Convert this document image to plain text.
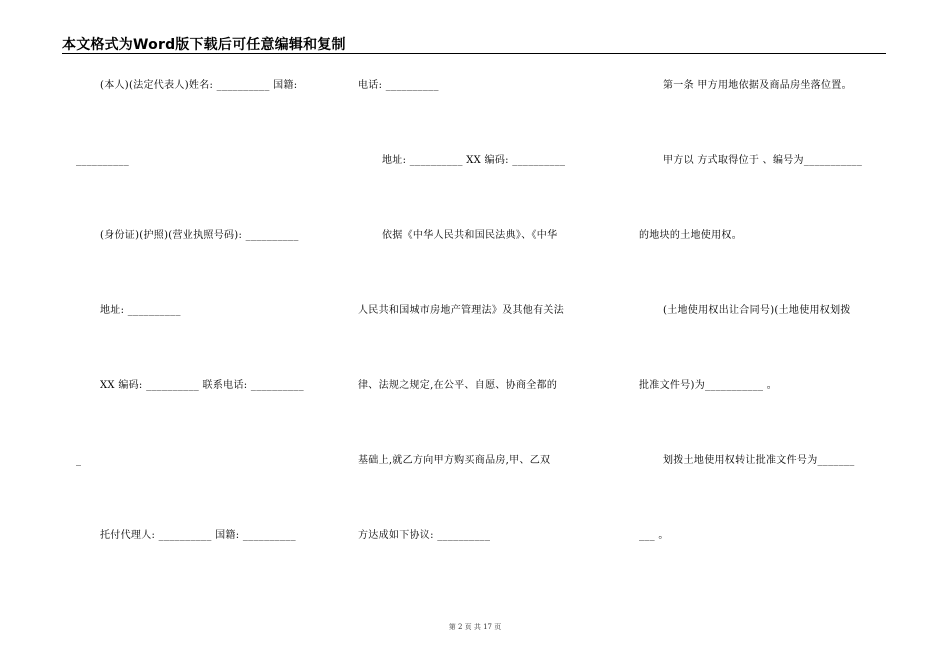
本文格式为Word版下载后可任意编辑和复制
(本人)(法定代表人)姓名: __________ 国籍:
__________
(身份证)(护照)(营业执照号码): __________
地址: __________
XX 编码: __________ 联系电话: __________
_
托付代理人: __________ 国籍: __________
电话: __________
地址: __________ XX 编码: __________
依据《中华人民共和国民法典》、《中华
人民共和国城市房地产管理法》及其他有关法
律、法规之规定,在公平、自愿、协商全都的
基础上,就乙方向甲方购买商品房,甲、乙双
方达成如下协议: __________
第一条 甲方用地依据及商品房坐落位置。
甲方以 方式取得位于 、编号为___________
的地块的土地使用权。
(土地使用权出让合同号)(土地使用权划拨
批准文件号)为___________ 。
划拨土地使用权转让批准文件号为_______
___ 。
第 2 页 共 17 页
